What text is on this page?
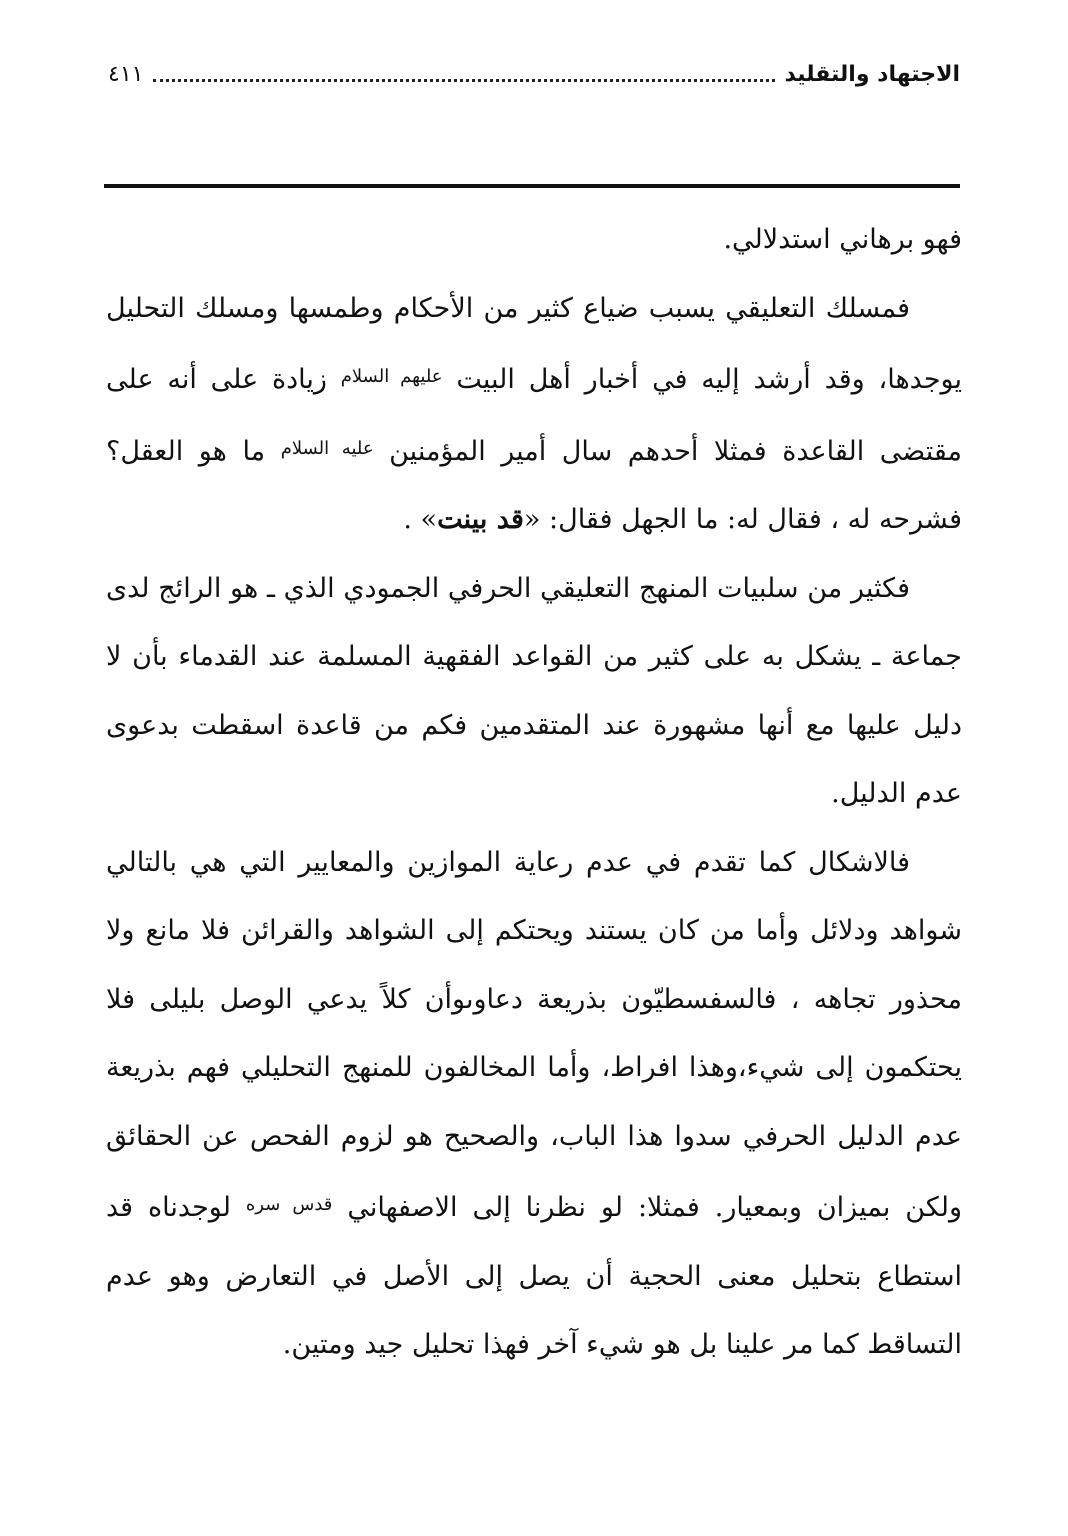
الاجتهاد والتقليد
٤١١

فهو برهاني استدلالي.

فمسلك التعليقي يسبب ضياع كثير من الأحكام وطمسها ومسلك التحليل يوجدها، وقد أرشد إليه في أخبار أهل البيت $^{عليهم السلام}$ زيادة على أنه على مقتضى القاعدة فمثلا أحدهم سال أمير المؤمنين $^{عليه السلام}$ ما هو العقل؟ فشرحه له ، فقال له: ما الجهل فقال: «قد بينت» .

فكثير من سلبيات المنهج التعليقي الحرفي الجمودي الذي ـ هو الرائج لدى جماعة ـ يشكل به على كثير من القواعد الفقهية المسلمة عند القدماء بأن لا دليل عليها مع أنها مشهورة عند المتقدمين فكم من قاعدة اسقطت بدعوى عدم الدليل.

فالاشكال كما تقدم في عدم رعاية الموازين والمعايير التي هي بالتالي شواهد ودلائل وأما من كان يستند ويحتكم إلى الشواهد والقرائن فلا مانع ولا محذور تجاهه ، فالسفسطيّون بذريعة دعاوىوأن كلاً يدعي الوصل بليلى فلا يحتكمون إلى شيء،وهذا افراط، وأما المخالفون للمنهج التحليلي فهم بذريعة عدم الدليل الحرفي سدوا هذا الباب، والصحيح هو لزوم الفحص عن الحقائق ولكن بميزان وبمعيار. فمثلا: لو نظرنا إلى الاصفهاني $^{قدس سره}$ لوجدناه قد استطاع بتحليل معنى الحجية أن يصل إلى الأصل في التعارض وهو عدم التساقط كما مر علينا بل هو شيء آخر فهذا تحليل جيد ومتين.
